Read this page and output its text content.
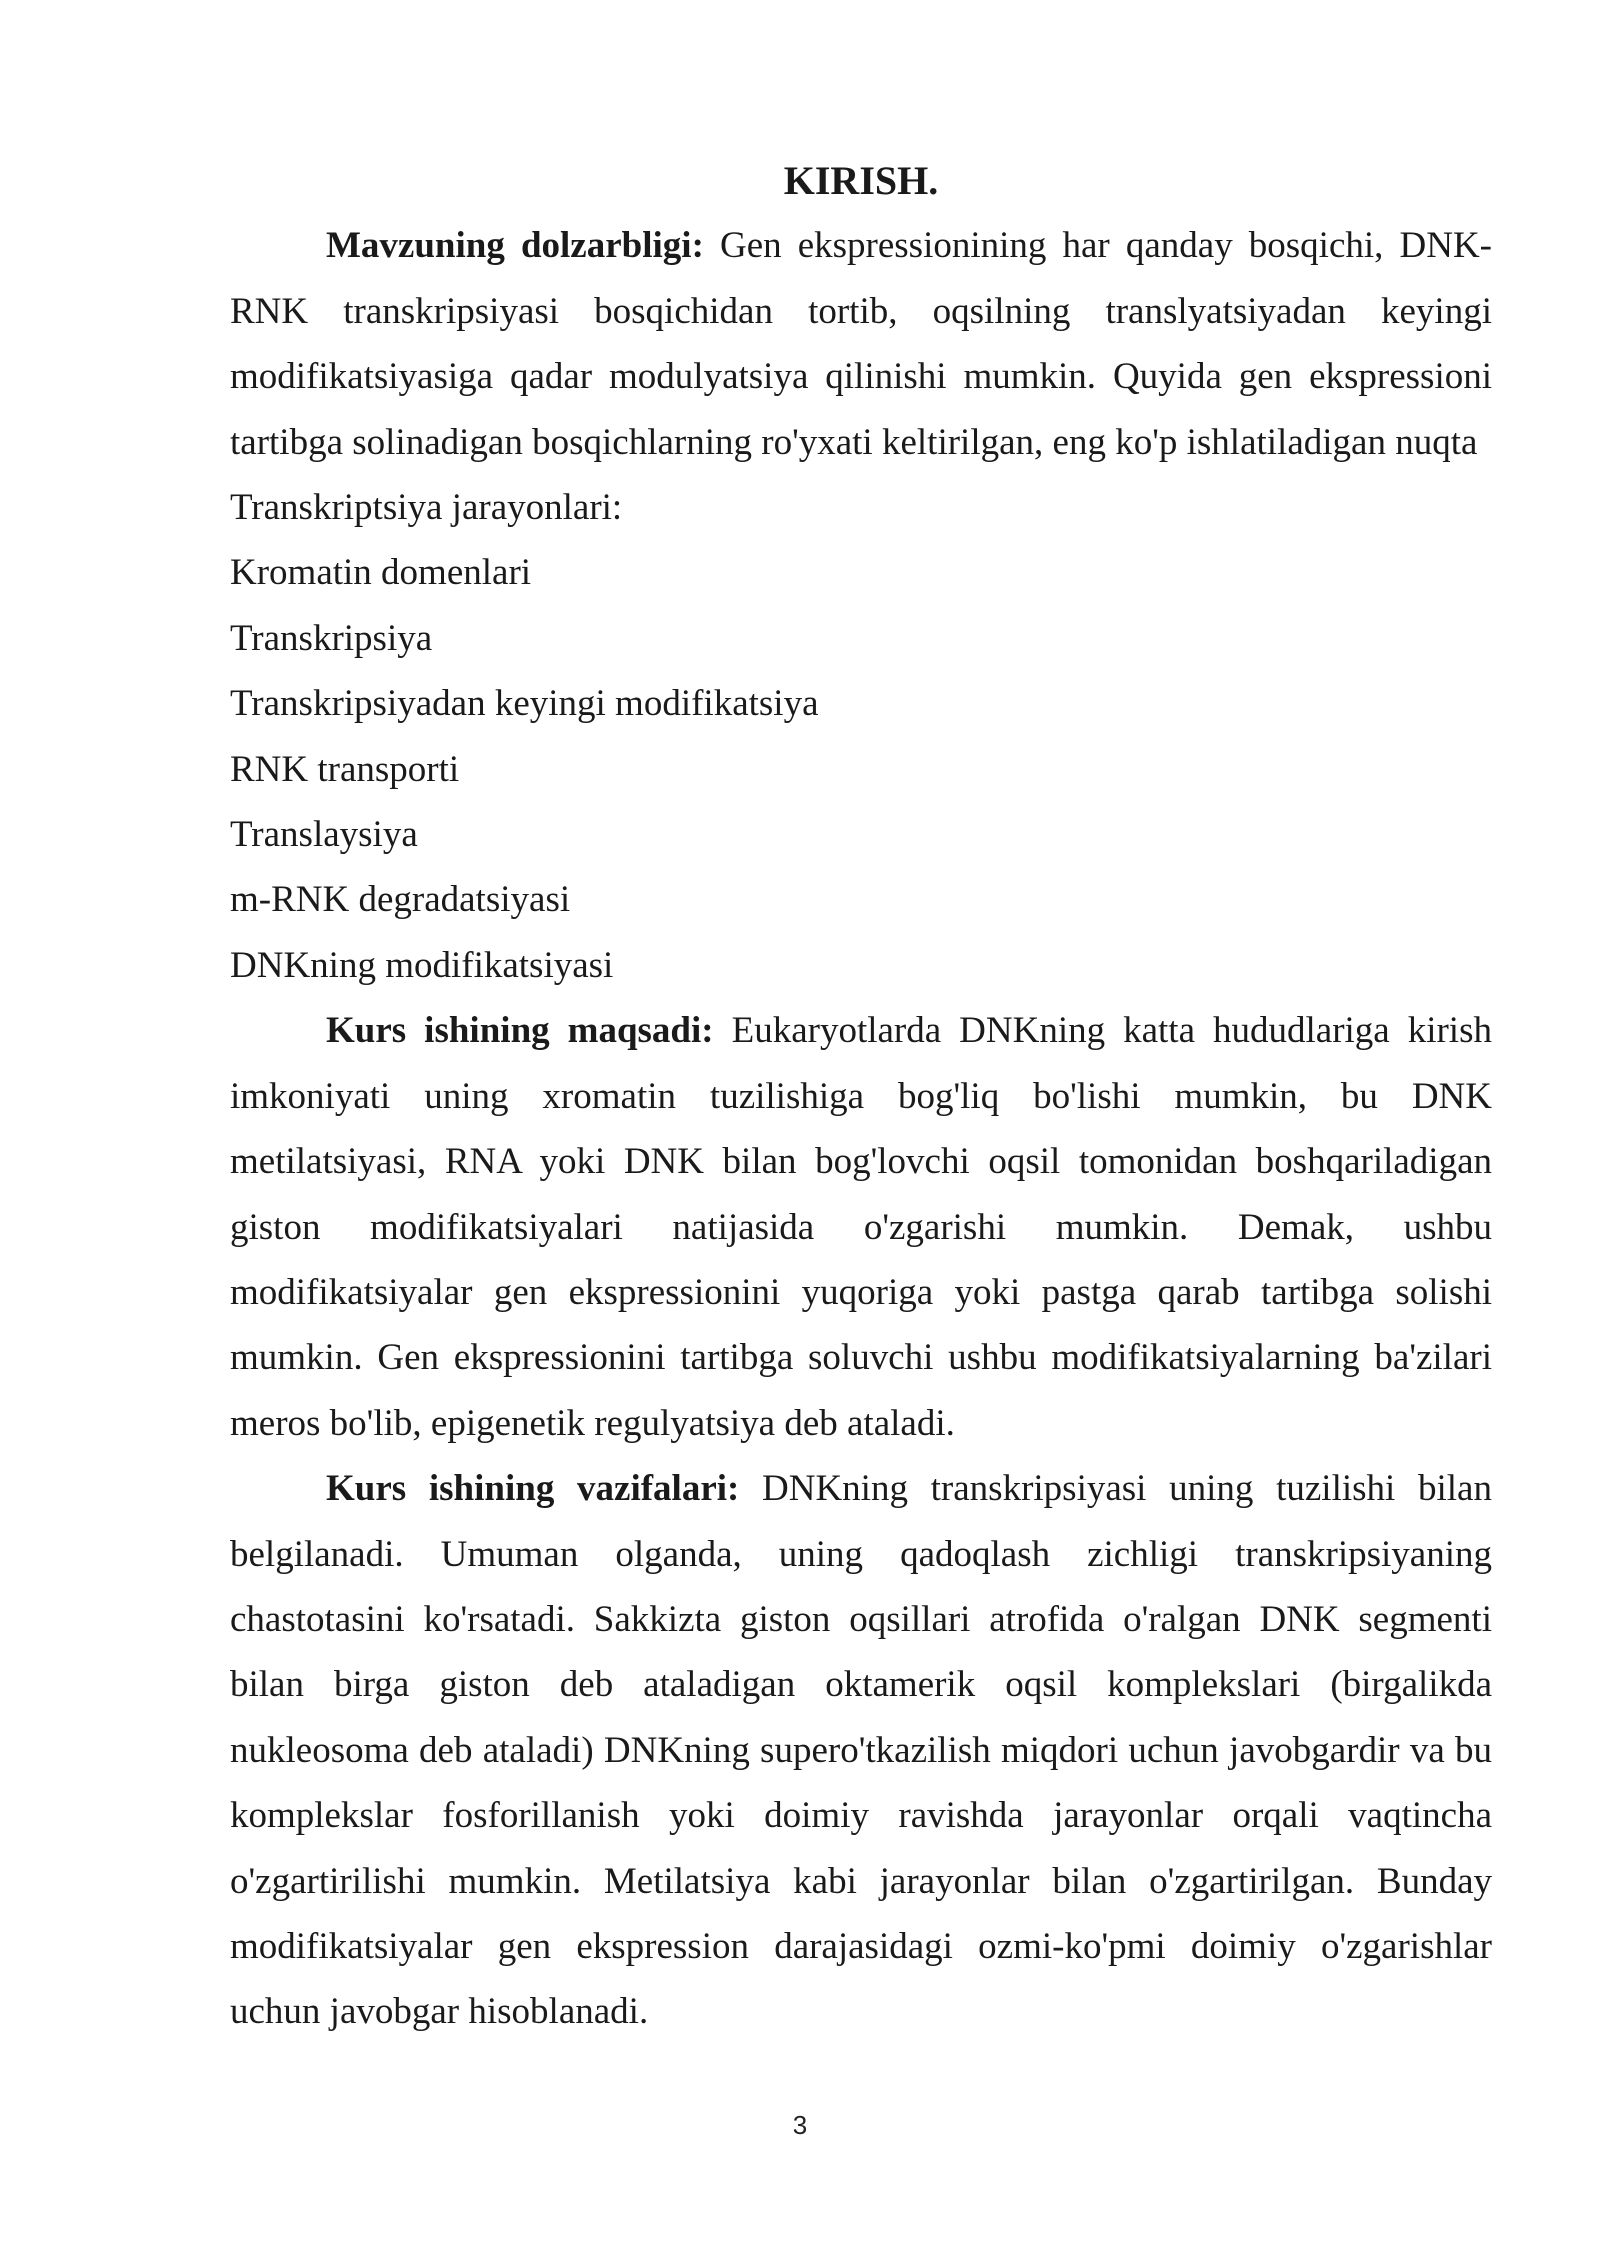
KIRISH.

Mavzuning dolzarbligi: Gen ekspressionining har qanday bosqichi, DNK-RNK transkripsiyasi bosqichidan tortib, oqsilning translyatsiyadan keyingi modifikatsiyasiga qadar modulyatsiya qilinishi mumkin. Quyida gen ekspressioni tartibga solinadigan bosqichlarning ro'yxati keltirilgan, eng ko'p ishlatiladigan nuqta

Transkriptsiya jarayonlari:
Kromatin domenlari
Transkripsiya
Transkripsiyadan keyingi modifikatsiya
RNK transporti
Translaysiya
m-RNK degradatsiyasi
DNKning modifikatsiyasi

Kurs ishining maqsadi: Eukaryotlarda DNKning katta hududlariga kirish imkoniyati uning xromatin tuzilishiga bog'liq bo'lishi mumkin, bu DNK metilatsiyasi, RNA yoki DNK bilan bog'lovchi oqsil tomonidan boshqariladigan giston modifikatsiyalari natijasida o'zgarishi mumkin. Demak, ushbu modifikatsiyalar gen ekspressionini yuqoriga yoki pastga qarab tartibga solishi mumkin. Gen ekspressionini tartibga soluvchi ushbu modifikatsiyalarning ba'zilari meros bo'lib, epigenetik regulyatsiya deb ataladi.

Kurs ishining vazifalari: DNKning transkripsiyasi uning tuzilishi bilan belgilanadi. Umuman olganda, uning qadoqlash zichligi transkripsiyaning chastotasini ko'rsatadi. Sakkizta giston oqsillari atrofida o'ralgan DNK segmenti bilan birga giston deb ataladigan oktamerik oqsil komplekslari (birgalikda nukleosoma deb ataladi) DNKning supero'tkazilish miqdori uchun javobgardir va bu komplekslar fosforillanish yoki doimiy ravishda jarayonlar orqali vaqtincha o'zgartirilishi mumkin. Metilatsiya kabi jarayonlar bilan o'zgartirilgan. Bunday modifikatsiyalar gen ekspression darajasidagi ozmi-ko'pmi doimiy o'zgarishlar uchun javobgar hisoblanadi.

3
